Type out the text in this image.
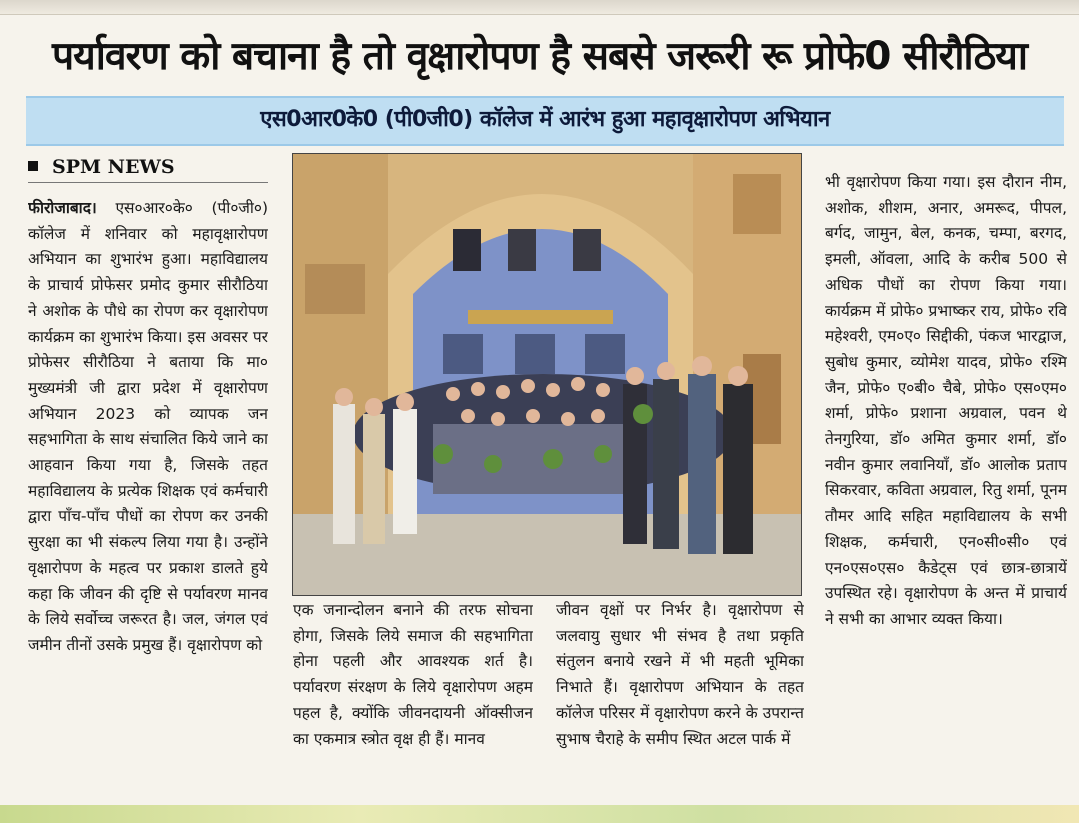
पर्यावरण को बचाना है तो वृक्षारोपण है सबसे जरूरी रू प्रोफे0 सीरौठिया
एस0आर0के0 (पी0जी0) कॉलेज में आरंभ हुआ महावृक्षारोपण अभियान
SPM NEWS
फीरोजाबाद। एस०आर०के० (पी०जी०) कॉलेज में शनिवार को महावृक्षारोपण अभियान का शुभारंभ हुआ। महाविद्यालय के प्राचार्य प्रोफेसर प्रमोद कुमार सीरौठिया ने अशोक के पौधे का रोपण कर वृक्षारोपण कार्यक्रम का शुभारंभ किया। इस अवसर पर प्रोफेसर सीरौठिया ने बताया कि मा० मुख्यमंत्री जी द्वारा प्रदेश में वृक्षारोपण अभियान 2023 को व्यापक जन सहभागिता के साथ संचालित किये जाने का आहवान किया गया है, जिसके तहत महाविद्यालय के प्रत्येक शिक्षक एवं कर्मचारी द्वारा पाँच-पाँच पौधों का रोपण कर उनकी सुरक्षा का भी संकल्प लिया गया है। उन्होंने वृक्षारोपण के महत्व पर प्रकाश डालते हुये कहा कि जीवन की दृष्टि से पर्यावरण मानव के लिये सर्वोच्च जरूरत है। जल, जंगल एवं जमीन तीनों उसके प्रमुख हैं। वृक्षारोपण को
एक जनान्दोलन बनाने की तरफ सोचना होगा, जिसके लिये समाज की सहभागिता होना पहली और आवश्यक शर्त है। पर्यावरण संरक्षण के लिये वृक्षारोपण अहम पहल है, क्योंकि जीवनदायनी ऑक्सीजन का एकमात्र स्त्रोत वृक्ष ही हैं। मानव
जीवन वृक्षों पर निर्भर है। वृक्षारोपण से जलवायु सुधार भी संभव है तथा प्रकृति संतुलन बनाये रखने में भी महती भूमिका निभाते हैं। वृक्षारोपण अभियान के तहत कॉलेज परिसर में वृक्षारोपण करने के उपरान्त सुभाष चैराहे के समीप स्थित अटल पार्क में
भी वृक्षारोपण किया गया। इस दौरान नीम, अशोक, शीशम, अनार, अमरूद, पीपल, बर्गद, जामुन, बेल, कनक, चम्पा, बरगद, इमली, ऑवला, आदि के करीब 500 से अधिक पौधों का रोपण किया गया। कार्यक्रम में प्रोफे० प्रभाष्कर राय, प्रोफे० रवि महेश्वरी, एम०ए० सिद्दीकी, पंकज भारद्वाज, सुबोध कुमार, व्योमेश यादव, प्रोफे० रश्मि जैन, प्रोफे० ए०बी० चैबे, प्रोफे० एस०एम० शर्मा, प्रोफे० प्रशाना अग्रवाल, पवन थे तेनगुरिया, डॉ० अमित कुमार शर्मा, डॉ० नवीन कुमार लवानियाँ, डॉ० आलोक प्रताप सिकरवार, कविता अग्रवाल, रितु शर्मा, पूनम तौमर आदि सहित महाविद्यालय के सभी शिक्षक, कर्मचारी, एन०सी०सी० एवं एन०एस०एस० कैडेट्स एवं छात्र-छात्रायें उपस्थित रहे। वृक्षारोपण के अन्त में प्राचार्य ने सभी का आभार व्यक्त किया।
